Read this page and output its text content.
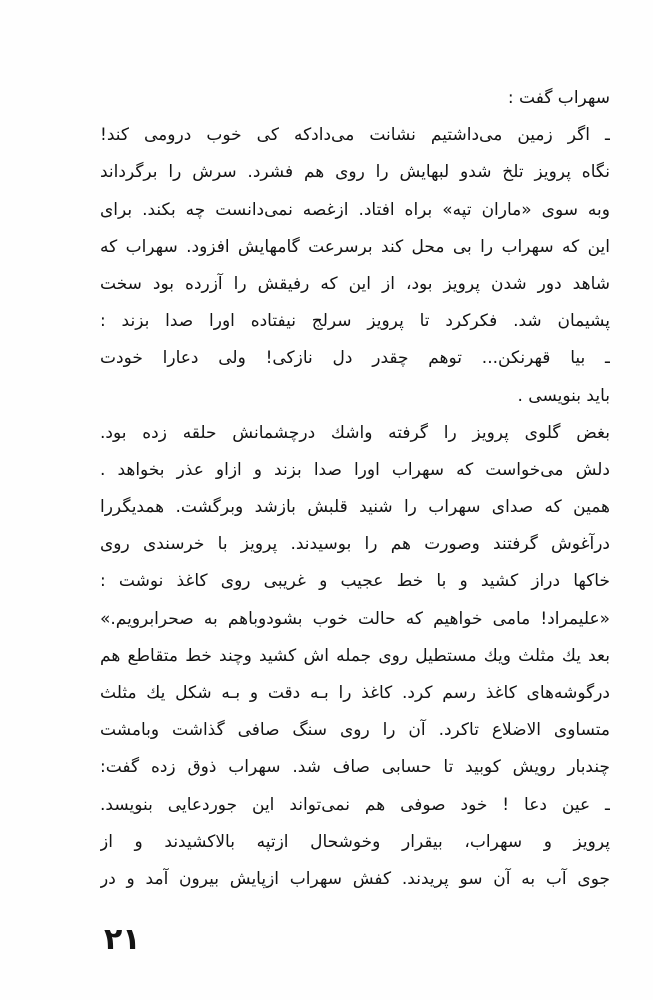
سهراب گفت :
ـ اگر زمین می‌داشتیم نشانت می‌دادکه کی خوب درومی کند!
نگاه پرویز تلخ شدو لبهایش را روی هم فشرد. سرش را برگرداند
وبه سوی «ماران تپه» براه افتاد. ازغصه نمی‌دانست چه بکند. برای
این که سهراب را بی محل کند برسرعت گامهایش افزود. سهراب که
شاهد دور شدن پرویز بود، از این که رفیقش را آزرده بود سخت
پشیمان شد. فکرکرد تا پرویز سرلج نیفتاده اورا صدا بزند :
ـ بیا قهرنکن... توهم چقدر دل نازکی! ولی دعارا خودت
باید بنویسی .
بغض گلوی پرویز را گرفته واشك درچشمانش حلقه زده بود.
دلش می‌خواست که سهراب اورا صدا بزند و ازاو عذر بخواهد .
همین که صدای سهراب را شنید قلبش بازشد وبرگشت. همدیگررا
درآغوش گرفتند وصورت هم را بوسیدند. پرویز با خرسندی روی
خاکها دراز کشید و با خط عجیب و غریبی روی کاغذ نوشت :
«علیمراد! مامی خواهیم که حالت خوب بشودوباهم به صحرابرویم.»
بعد یك مثلث ویك مستطیل روی جمله اش کشید وچند خط متقاطع هم
درگوشه‌های کاغذ رسم کرد. کاغذ را بـه دقت و بـه شکل یك مثلث
متساوی الاضلاع تاکرد. آن را روی سنگ صافی گذاشت وبامشت
چندبار رویش کوبید تا حسابی صاف شد. سهراب ذوق زده گفت:
ـ عین دعا ! خود صوفی هم نمی‌تواند این جوردعایی بنویسد.
پرویز و سهراب، بیقرار وخوشحال ازتپه بالاکشیدند و از
جوی آب به آن سو پریدند. کفش سهراب ازپایش بیرون آمد و در
۲۱
